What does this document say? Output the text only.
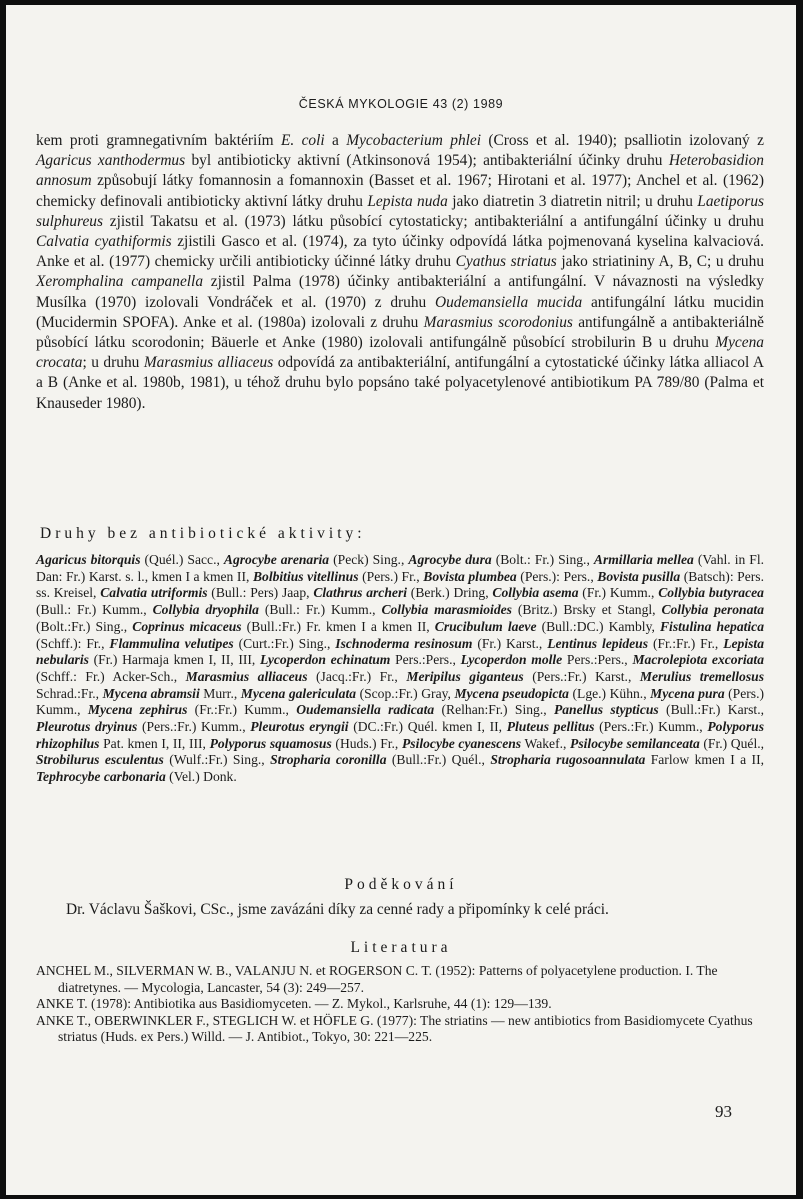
ČESKÁ MYKOLOGIE 43 (2) 1989

kem proti gramnegativním baktériím E. coli a Mycobacterium phlei (Cross et al. 1940); psalliotin izolovaný z Agaricus xanthodermus byl antibioticky aktivní (Atkinsonová 1954); antibakteriální účinky druhu Heterobasidion annosum způsobují látky fomannosin a fomannoxin (Basset et al. 1967; Hirotani et al. 1977); Anchel et al. (1962) chemicky definovali antibioticky aktivní látky druhu Lepista nuda jako diatretin 3 diatretin nitril; u druhu Laetiporus sulphureus zjistil Takatsu et al. (1973) látku působící cytostaticky; antibakteriální a antifungální účinky u druhu Calvatia cyathiformis zjistili Gasco et al. (1974), za tyto účinky odpovídá látka pojmenovaná kyselina kalvaciová. Anke et al. (1977) chemicky určili antibioticky účinné látky druhu Cyathus striatus jako striatininy A, B, C; u druhu Xeromphalina campanella zjistil Palma (1978) účinky antibakteriální a antifungální. V návaznosti na výsledky Musílka (1970) izolovali Vondráček et al. (1970) z druhu Oudemansiella mucida antifungální látku mucidin (Mucidermin SPOFA). Anke et al. (1980a) izolovali z druhu Marasmius scorodonius antifungálně a antibakteriálně působící látku scorodonin; Bäuerle et Anke (1980) izolovali antifungálně působící strobilurin B u druhu Mycena crocata; u druhu Marasmius alliaceus odpovídá za antibakteriální, antifungální a cytostatické účinky látka alliacol A a B (Anke et al. 1980b, 1981), u téhož druhu bylo popsáno také polyacetylenové antibiotikum PA 789/80 (Palma et Knauseder 1980).

Druhy bez antibiotické aktivity:

Agaricus bitorquis (Quél.) Sacc., Agrocybe arenaria (Peck) Sing., Agrocybe dura (Bolt.: Fr.) Sing., Armillaria mellea (Vahl. in Fl. Dan: Fr.) Karst. s. l., kmen I a kmen II, Bolbitius vitellinus (Pers.) Fr., Bovista plumbea (Pers.): Pers., Bovista pusilla (Batsch): Pers. ss. Kreisel, Calvatia utriformis (Bull.: Pers) Jaap, Clathrus archeri (Berk.) Dring, Collybia asema (Fr.) Kumm., Collybia butyracea (Bull.: Fr.) Kumm., Collybia dryophila (Bull.: Fr.) Kumm., Collybia marasmioides (Britz.) Brsky et Stangl, Collybia peronata (Bolt.:Fr.) Sing., Coprinus micaceus (Bull.:Fr.) Fr. kmen I a kmen II, Crucibulum laeve (Bull.:DC.) Kambly, Fistulina hepatica (Schff.): Fr., Flammulina velutipes (Curt.:Fr.) Sing., Ischnoderma resinosum (Fr.) Karst., Lentinus lepideus (Fr.:Fr.) Fr., Lepista nebularis (Fr.) Harmaja kmen I, II, III, Lycoperdon echinatum Pers.:Pers., Lycoperdon molle Pers.:Pers., Macrolepiota excoriata (Schff.: Fr.) Acker-Sch., Marasmius alliaceus (Jacq.:Fr.) Fr., Meripilus giganteus (Pers.:Fr.) Karst., Merulius tremellosus Schrad.:Fr., Mycena abramsii Murr., Mycena galericulata (Scop.:Fr.) Gray, Mycena pseudopicta (Lge.) Kühn., Mycena pura (Pers.) Kumm., Mycena zephirus (Fr.:Fr.) Kumm., Oudemansiella radicata (Relhan:Fr.) Sing., Panellus stypticus (Bull.:Fr.) Karst., Pleurotus dryinus (Pers.:Fr.) Kumm., Pleurotus eryngii (DC.:Fr.) Quél. kmen I, II, Pluteus pellitus (Pers.:Fr.) Kumm., Polyporus rhizophilus Pat. kmen I, II, III, Polyporus squamosus (Huds.) Fr., Psilocybe cyanescens Wakef., Psilocybe semilanceata (Fr.) Quél., Strobilurus esculentus (Wulf.:Fr.) Sing., Stropharia coronilla (Bull.:Fr.) Quél., Stropharia rugosoannulata Farlow kmen I a II, Tephrocybe carbonaria (Vel.) Donk.

Poděkování

Dr. Václavu Šaškovi, CSc., jsme zavázáni díky za cenné rady a připomínky k celé práci.

Literatura

ANCHEL M., SILVERMAN W. B., VALANJU N. et ROGERSON C. T. (1952): Patterns of polyacetylene production. I. The diatretynes. — Mycologia, Lancaster, 54 (3): 249—257.

ANKE T. (1978): Antibiotika aus Basidiomyceten. — Z. Mykol., Karlsruhe, 44 (1): 129—139.

ANKE T., OBERWINKLER F., STEGLICH W. et HÖFLE G. (1977): The striatins — new antibiotics from Basidiomycete Cyathus striatus (Huds. ex Pers.) Willd. — J. Antibiot., Tokyo, 30: 221—225.

93
